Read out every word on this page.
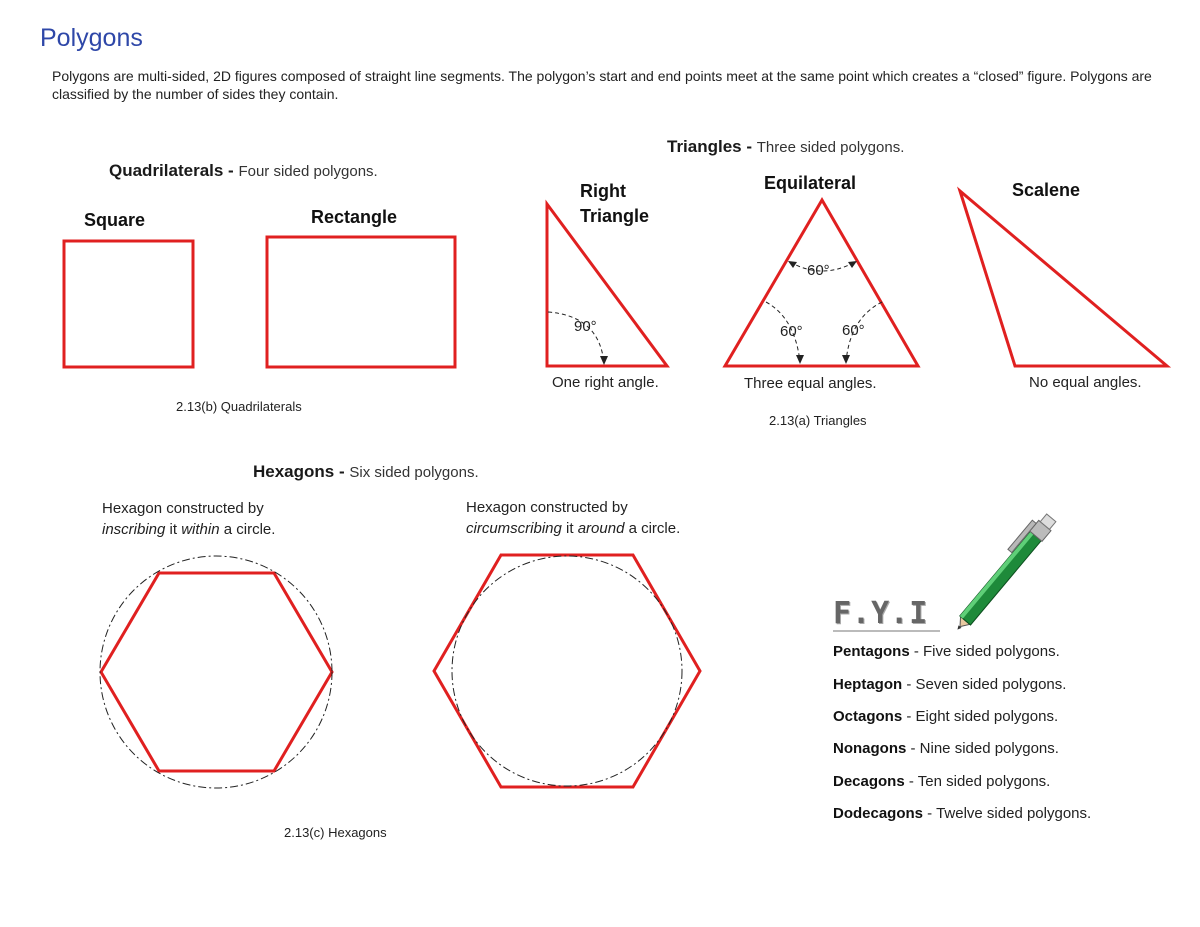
Polygons
Polygons are multi-sided, 2D figures composed of straight line segments. The polygon’s start and end points meet at the same point which creates a “closed” figure. Polygons are classified by the number of sides they contain.
Quadrilaterals - Four sided polygons.
Square	Rectangle
2.13(b) Quadrilaterals
Triangles - Three sided polygons.
Right
Triangle
Equilateral	Scalene
One right angle.	Three equal angles.	No equal angles.
2.13(a) Triangles
90°
60°
60°	60°
Hexagons - Six sided polygons.
Hexagon constructed by
inscribing it within a circle.
Hexagon constructed by
circumscribing it around a circle.
2.13(c) Hexagons
F.Y.I
Pentagons - Five sided polygons.
Heptagon - Seven sided polygons.
Octagons - Eight sided polygons.
Nonagons - Nine sided polygons.
Decagons - Ten sided polygons.
Dodecagons - Twelve sided polygons.
